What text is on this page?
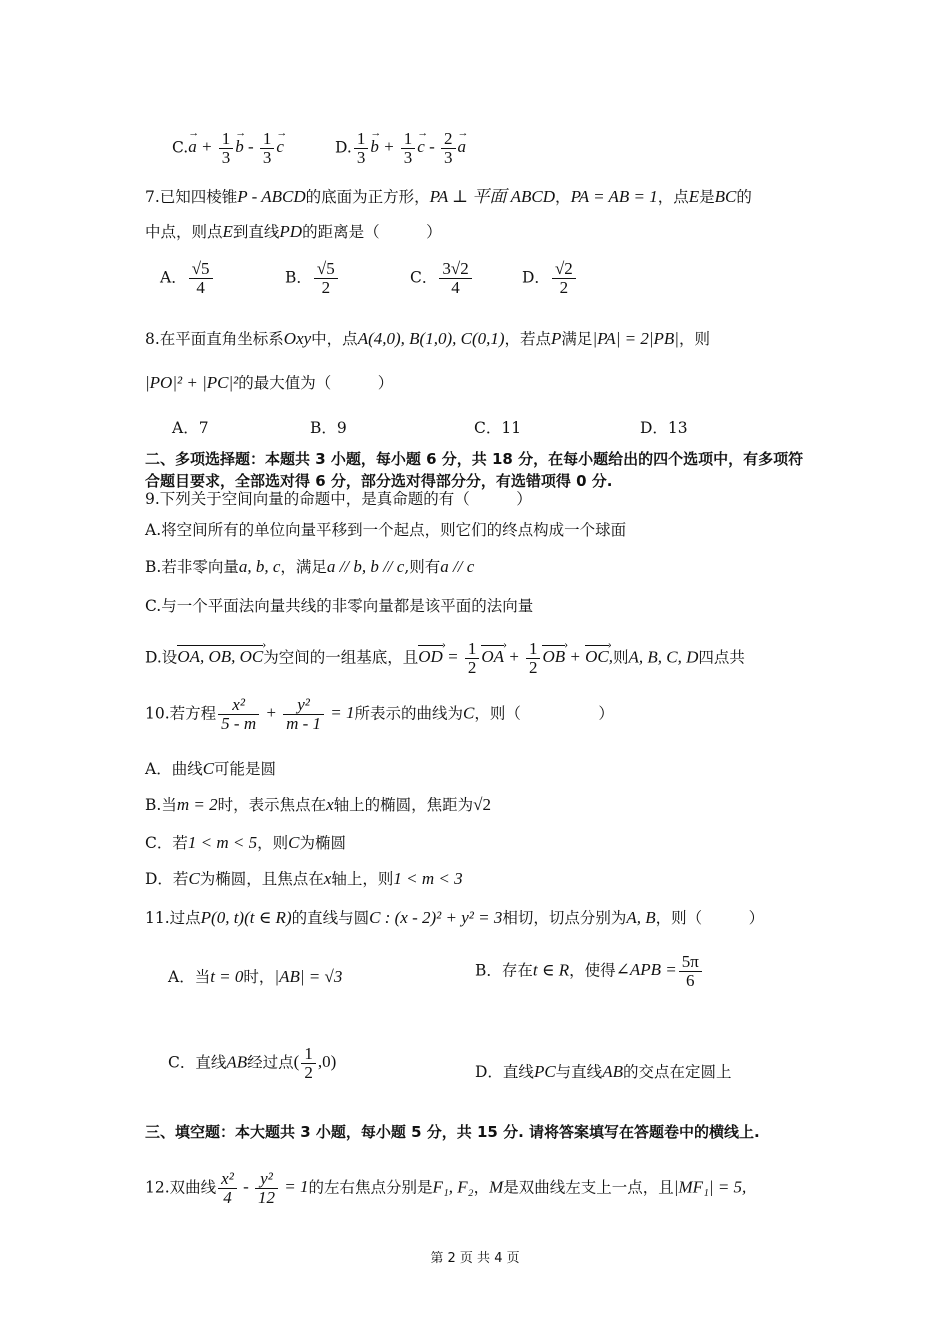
$C.\to a + \frac{1}{3}$
→ b - $\frac{1}{3}$
→ c	D. $\frac{1}{3}$
→ $b + \frac{1}{3}$
→ c - $\frac{2}{3}$
→ a
7.已知四棱锥P - ABCD的底面为正方形，PA ⊥ 平面 ABCD，PA = AB = 1，点E是BC的
中点，则点E到直线PD的距离是（　　　）
A． $\frac{√5}{4}$	B． $\frac{√5}{2}$	C． $\frac{3√2}{4}$	D． $\frac{√2}{2}$
8.在平面直角坐标系Oxy中，点A(4,0), B(1,0), C(0,1)，若点P满足|PA| = 2|PB|，则
|PO|² + |PC|²的最大值为（　　　）
A．7	B．9	C．11	D．13
二、多项选择题：本题共 3 小题，每小题 6 分，共 18 分，在每小题给出的四个选项中，有多项符合题目要求，全部选对得 6 分，部分选对得部分分，有选错项得 0 分.
9.下列关于空间向量的命题中，是真命题的有（　　　）
A.将空间所有的单位向量平移到一个起点，则它们的终点构成一个球面
B.若非零向量a, b, c，满足a // b, b // c,则有a // c
C.与一个平面法向量共线的非零向量都是该平面的法向量
D.设OA, OB, OC ›为空间的一组基底，且OD › = $\frac{1}{2}$ OA › + $\frac{1}{2}$ OB › + OC ›,则A, B, C, D四点共
10.若方程 $\frac{\text{x²}}{5 - m} + \frac{\text{y²}}{m - 1} = 1$所表示的曲线为C，则（　　　　　）
A．曲线C可能是圆
B.当m = 2时，表示焦点在x轴上的椭圆，焦距为√2
C．若1 < m < 5，则C为椭圆
D．若C为椭圆，且焦点在x轴上，则1 < m < 3
11.过点P(0, t)(t ∈ R)的直线与圆C : (x - 2)² + y² = 3相切，切点分别为A, B，则（　　　）
A．当t = 0时，|AB| = √3	B．存在t ∈ R，使得∠APB = $\frac{5\pi}{6}$
C．直线AB经过点( $\frac{1}{2} ,0$)
D．直线PC与直线AB的交点在定圆上
三、填空题：本大题共 3 小题，每小题 5 分，共 15 分. 请将答案填写在答题卷中的横线上.
12.双曲线 $\frac{\text{x²}}{4} - \frac{\text{y²}}{12} = 1$的左右焦点分别是F₁, F₂，M是双曲线左支上一点，且|MF₁| = 5,
第 2 页 共 4 页
